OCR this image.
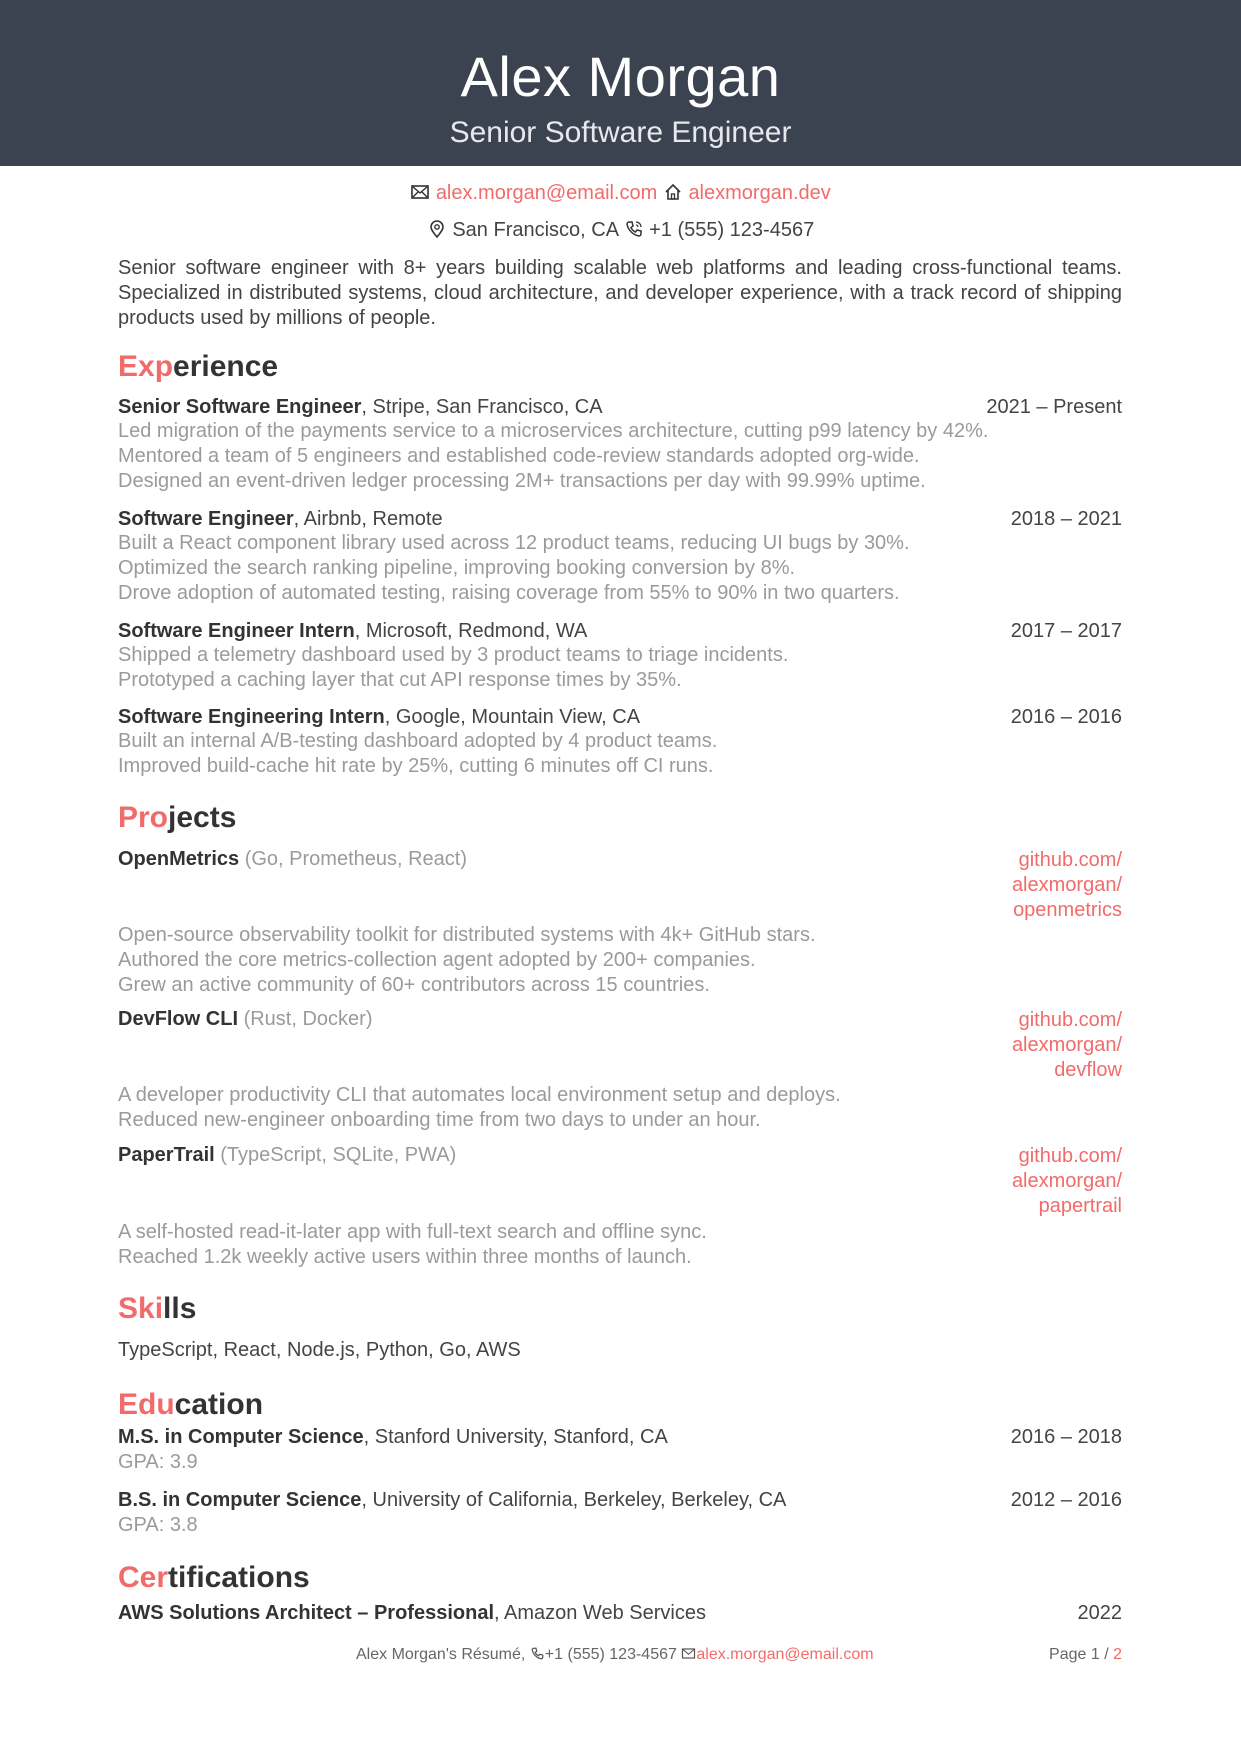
Alex Morgan
Senior Software Engineer
alex.morgan@email.com alexmorgan.dev
San Francisco, CA +1 (555) 123-4567
Senior software engineer with 8+ years building scalable web platforms and leading cross-functional teams. Specialized in distributed systems, cloud architecture, and developer experience, with a track record of shipping products used by millions of people.
Experience
Senior Software Engineer, Stripe, San Francisco, CA	2021 – Present
Led migration of the payments service to a microservices architecture, cutting p99 latency by 42%.
Mentored a team of 5 engineers and established code-review standards adopted org-wide.
Designed an event-driven ledger processing 2M+ transactions per day with 99.99% uptime.
Software Engineer, Airbnb, Remote	2018 – 2021
Built a React component library used across 12 product teams, reducing UI bugs by 30%.
Optimized the search ranking pipeline, improving booking conversion by 8%.
Drove adoption of automated testing, raising coverage from 55% to 90% in two quarters.
Software Engineer Intern, Microsoft, Redmond, WA	2017 – 2017
Shipped a telemetry dashboard used by 3 product teams to triage incidents.
Prototyped a caching layer that cut API response times by 35%.
Software Engineering Intern, Google, Mountain View, CA	2016 – 2016
Built an internal A/B-testing dashboard adopted by 4 product teams.
Improved build-cache hit rate by 25%, cutting 6 minutes off CI runs.
Projects
OpenMetrics (Go, Prometheus, React)	github.com/
alexmorgan/
openmetrics
Open-source observability toolkit for distributed systems with 4k+ GitHub stars.
Authored the core metrics-collection agent adopted by 200+ companies.
Grew an active community of 60+ contributors across 15 countries.
DevFlow CLI (Rust, Docker)	github.com/
alexmorgan/
devflow
A developer productivity CLI that automates local environment setup and deploys.
Reduced new-engineer onboarding time from two days to under an hour.
PaperTrail (TypeScript, SQLite, PWA)	github.com/
alexmorgan/
papertrail
A self-hosted read-it-later app with full-text search and offline sync.
Reached 1.2k weekly active users within three months of launch.
Skills
TypeScript, React, Node.js, Python, Go, AWS
Education
M.S. in Computer Science, Stanford University, Stanford, CA	2016 – 2018
GPA: 3.9
B.S. in Computer Science, University of California, Berkeley, Berkeley, CA	2012 – 2016
GPA: 3.8
Certifications
AWS Solutions Architect – Professional, Amazon Web Services	2022
Alex Morgan's Résumé, +1 (555) 123-4567 alex.morgan@email.com	Page 1 / 2
